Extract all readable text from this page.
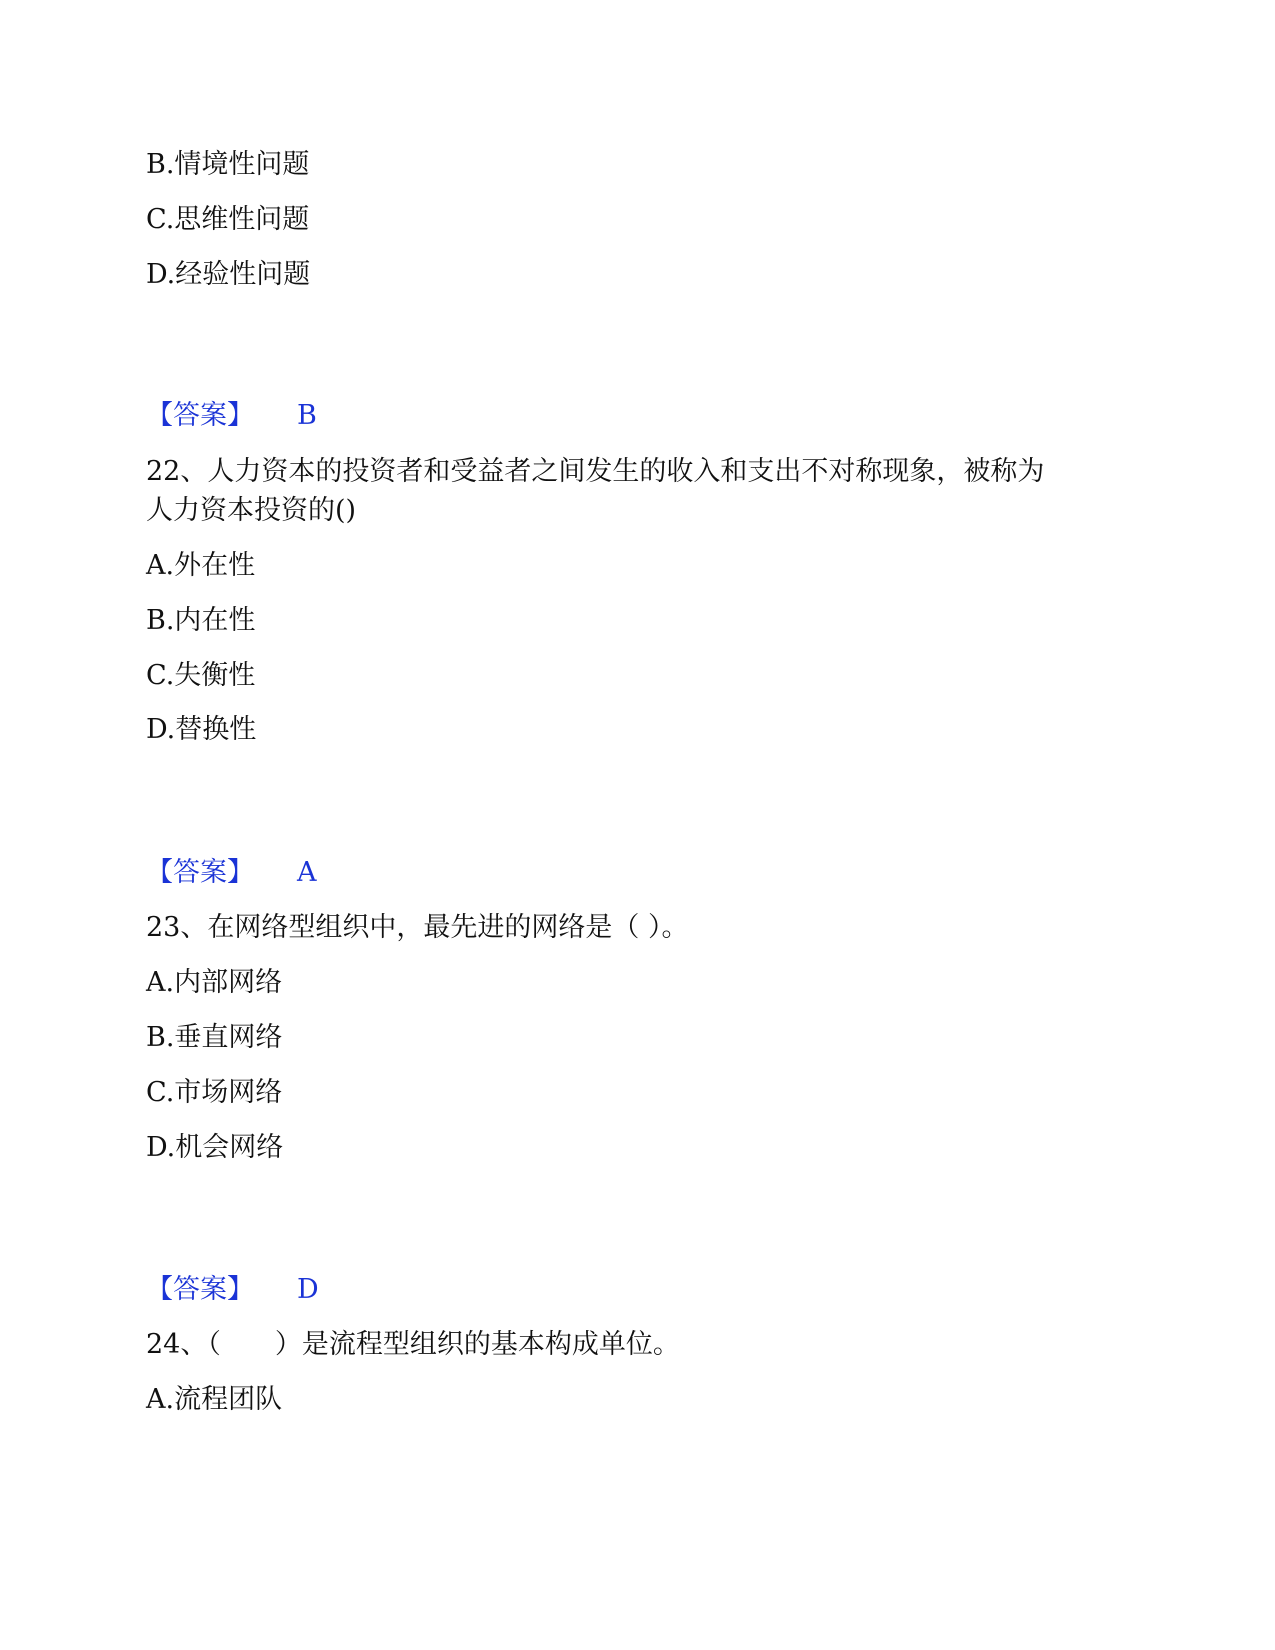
B.情境性问题
C.思维性问题
D.经验性问题
【答案】 B
22、人力资本的投资者和受益者之间发生的收入和支出不对称现象，被称为
人力资本投资的()
A.外在性
B.内在性
C.失衡性
D.替换性
【答案】 A
23、在网络型组织中，最先进的网络是（ ）。
A.内部网络
B.垂直网络
C.市场网络
D.机会网络
【答案】 D
24、（　　）是流程型组织的基本构成单位。
A.流程团队
